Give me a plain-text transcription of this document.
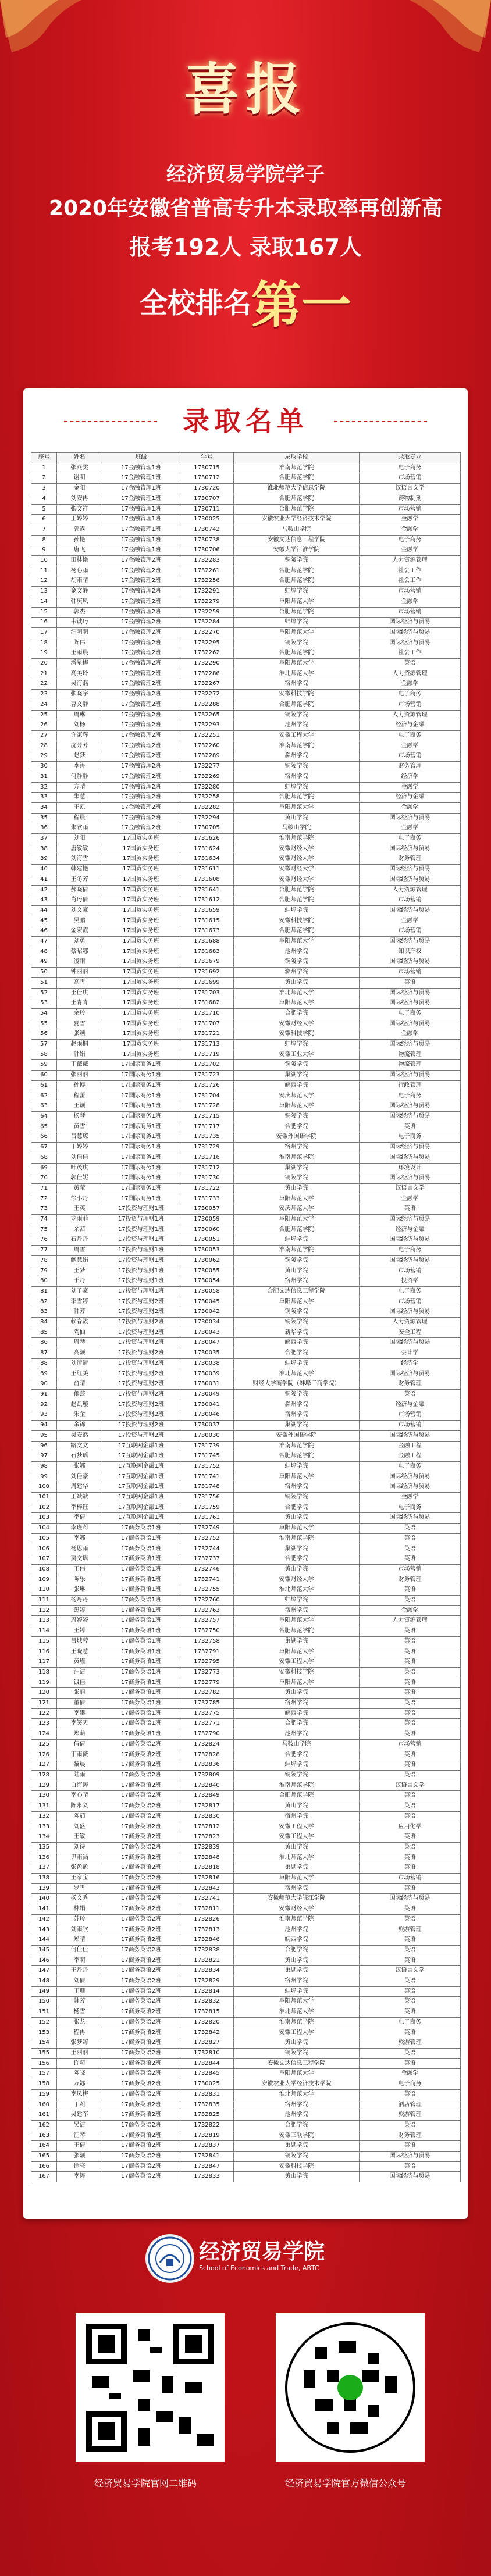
喜报
经济贸易学院学子
2020年安徽省普高专升本录取率再创新高
报考192人 录取167人
全校排名第一
录取名单
序号	姓名	班级	学号	录取学校	录取专业
1	张燕雯	17金融管理1班	1730715	淮南师范学院	电子商务
2	谢明	17金融管理1班	1730712	合肥师范学院	市场营销
3	金阳	17金融管理1班	1730720	淮北师范大学信息学院	汉语言文学
4	刘安冉	17金融管理1班	1730707	合肥师范学院	药物制剂
5	张文祥	17金融管理1班	1730711	合肥师范学院	市场营销
6	王婷婷	17金融管理1班	1730025	安徽农业大学经济技术学院	金融学
7	郭露	17金融管理1班	1730742	马鞍山学院	金融学
8	孙艳	17金融管理1班	1730738	安徽文达信息工程学院	电子商务
9	唐飞	17金融管理1班	1730706	安徽大学江淮学院	金融学
10	田林艳	17金融管理2班	1732283	铜陵学院	人力资源管理
11	杨心雨	17金融管理2班	1732261	合肥师范学院	社会工作
12	胡雨晴	17金融管理2班	1732256	合肥师范学院	社会工作
13	金文静	17金融管理2班	1732291	蚌埠学院	市场营销
14	韩庆凤	17金融管理2班	1732279	阜阳师范大学	金融学
15	郭杰	17金融管理2班	1732259	合肥师范学院	市场营销
16	韦诚巧	17金融管理2班	1732284	蚌埠学院	国际经济与贸易
17	汪明明	17金融管理2班	1732270	阜阳师范大学	国际经济与贸易
18	陈伟	17金融管理2班	1732295	铜陵学院	国际经济与贸易
19	王雨晨	17金融管理2班	1732262	合肥师范学院	社会工作
20	潘星梅	17金融管理2班	1732290	阜阳师范大学	英语
21	高美玲	17金融管理2班	1732286	淮北师范大学	人力资源管理
22	吴海燕	17金融管理2班	1732267	宿州学院	金融学
23	张晓宇	17金融管理2班	1732272	安徽科技学院	电子商务
24	曹文静	17金融管理2班	1732288	合肥师范学院	市场营销
25	周琳	17金融管理2班	1732265	铜陵学院	人力资源管理
26	刘杨	17金融管理2班	1732293	池州学院	经济与金融
27	许家辉	17金融管理2班	1732251	安徽工程大学	电子商务
28	沈芳芳	17金融管理2班	1732260	淮南师范学院	金融学
29	赵梦	17金融管理2班	1732289	滁州学院	市场营销
30	李涛	17金融管理2班	1732277	铜陵学院	财务管理
31	何静静	17金融管理2班	1732269	宿州学院	经济学
32	方晴	17金融管理2班	1732280	蚌埠学院	金融学
33	朱慧	17金融管理2班	1732258	合肥师范学院	经济与金融
34	王凯	17金融管理2班	1732282	阜阳师范大学	金融学
35	程晨	17金融管理2班	1732294	黄山学院	国际经济与贸易
36	朱欣雨	17金融管理2班	1730705	马鞍山学院	金融学
37	刘阳	17国贸实务班	1731626	淮南师范学院	电子商务
38	唐敏敏	17国贸实务班	1731624	安徽财经大学	国际经济与贸易
39	刘海雪	17国贸实务班	1731634	安徽财经大学	财务管理
40	韩建艳	17国贸实务班	1731611	安徽财经大学	国际经济与贸易
41	王冬芳	17国贸实务班	1731608	安徽财经大学	国际经济与贸易
42	郝晓倩	17国贸实务班	1731641	合肥师范学院	人力资源管理
43	肖巧倩	17国贸实务班	1731612	合肥师范学院	市场营销
44	刘文豪	17国贸实务班	1731659	蚌埠学院	国际经济与贸易
45	吴鹏	17国贸实务班	1731615	安徽科技学院	金融学
46	金宏霞	17国贸实务班	1731673	合肥师范学院	市场营销
47	刘勇	17国贸实务班	1731688	阜阳师范大学	国际经济与贸易
48	蔡昭娜	17国贸实务班	1731683	池州学院	知识产权
49	凌雨	17国贸实务班	1731679	铜陵学院	国际经济与贸易
50	钟丽丽	17国贸实务班	1731692	滁州学院	市场营销
51	高雪	17国贸实务班	1731699	黄山学院	英语
52	王佳琪	17国贸实务班	1731703	淮北师范大学	国际经济与贸易
53	王青青	17国贸实务班	1731682	阜阳师范大学	国际经济与贸易
54	余玲	17国贸实务班	1731710	合肥学院	电子商务
55	夏雪	17国贸实务班	1731707	安徽财经大学	国际经济与贸易
56	张颖	17国贸实务班	1731721	安徽科技学院	金融学
57	赵雨桐	17国贸实务班	1731713	蚌埠学院	国际经济与贸易
58	韩娟	17国贸实务班	1731719	安徽工业大学	物流管理
59	丁薇薇	17国际商务1班	1731702	铜陵学院	物流管理
60	张丽丽	17国际商务1班	1731723	巢湖学院	国际经济与贸易
61	孙博	17国际商务1班	1731726	皖西学院	行政管理
62	程蕾	17国际商务1班	1731704	安庆师范大学	电子商务
63	王颖	17国际商务1班	1731728	阜阳师范大学	国际经济与贸易
64	杨琴	17国际商务1班	1731715	铜陵学院	国际经济与贸易
65	黄雪	17国际商务1班	1731717	合肥学院	英语
66	吕慧琼	17国际商务1班	1731735	安徽外国语学院	电子商务
67	丁婷婷	17国际商务1班	1731729	宿州学院	国际经济与贸易
68	刘佳佳	17国际商务1班	1731716	淮南师范学院	国际经济与贸易
69	叶茂琪	17国际商务1班	1731712	巢湖学院	环境设计
70	郭佳妮	17国际商务1班	1731730	铜陵学院	国际经济与贸易
71	黄莹	17国际商务1班	1731722	黄山学院	汉语言文学
72	徐小丹	17国际商务1班	1731733	阜阳师范大学	金融学
73	王英	17投资与理财1班	1730057	安庆师范大学	英语
74	龙雨菲	17投资与理财1班	1730059	阜阳师范大学	国际经济与贸易
75	余茜	17投资与理财1班	1730060	合肥师范学院	经济与金融
76	石丹丹	17投资与理财1班	1730051	蚌埠学院	国际经济与贸易
77	周雪	17投资与理财1班	1730053	淮南师范学院	电子商务
78	鲍慧娟	17投资与理财1班	1730062	铜陵学院	国际经济与贸易
79	王梦	17投资与理财1班	1730055	黄山学院	市场营销
80	于丹	17投资与理财1班	1730054	宿州学院	投资学
81	刘子豪	17投资与理财1班	1730058	合肥文达信息工程学院	电子商务
82	李雪婷	17投资与理财2班	1730045	阜阳师范大学	市场营销
83	韩芳	17投资与理财2班	1730042	铜陵学院	国际经济与贸易
84	赖春霞	17投资与理财2班	1730034	铜陵学院	人力资源管理
85	陶仙	17投资与理财2班	1730043	新华学院	安全工程
86	周琴	17投资与理财2班	1730047	皖西学院	国际经济与贸易
87	高颖	17投资与理财2班	1730035	合肥学院	会计学
88	刘清清	17投资与理财2班	1730038	蚌埠学院	经济学
89	王红美	17投资与理财2班	1730039	淮北师范大学	国际经济与贸易
90	俞晴	17投资与理财2班	1730031	财经大学商学院（蚌埠工商学院）	财务管理
91	郁芸	17投资与理财2班	1730049	铜陵学院	英语
92	赵凯璇	17投资与理财2班	1730041	滁州学院	经济与金融
93	朱金	17投资与理财2班	1730046	宿州学院	市场营销
94	余锦	17投资与理财2班	1730037	巢湖学院	市场营销
95	吴安然	17投资与理财2班	1730030	安徽外国语学院	国际经济与贸易
96	路文文	17互联网金融1班	1731739	淮南师范学院	金融工程
97	石梦瑶	17互联网金融1班	1731745	合肥师范学院	金融工程
98	张娜	17互联网金融1班	1731752	蚌埠学院	电子商务
99	刘佳豪	17互联网金融1班	1731741	阜阳师范大学	国际经济与贸易
100	周建华	17互联网金融1班	1731748	宿州学院	国际经济与贸易
101	王斌斌	17互联网金融1班	1731756	铜陵学院	金融学
102	李梓钰	17互联网金融1班	1731759	合肥学院	电子商务
103	李倩	17互联网金融1班	1731761	黄山学院	国际经济与贸易
104	李瑾莉	17商务英语1班	1732749	阜阳师范大学	英语
105	李娜	17商务英语1班	1732752	淮南师范学院	英语
106	杨思雨	17商务英语1班	1732744	巢湖学院	英语
107	贾文瑶	17商务英语1班	1732737	合肥学院	英语
108	王伟	17商务英语1班	1732746	黄山学院	市场营销
109	陈乐	17商务英语1班	1732741	安徽财经大学	财务管理
110	张琳	17商务英语1班	1732755	淮北师范大学	英语
111	杨丹丹	17商务英语1班	1732760	蚌埠学院	英语
112	彭婷	17商务英语1班	1732763	宿州学院	金融学
113	周婷婷	17商务英语1班	1732757	阜阳师范大学	人力资源管理
114	王婷	17商务英语1班	1732750	合肥师范学院	英语
115	吕城蓉	17商务英语1班	1732758	巢湖学院	英语
116	王晓慧	17商务英语1班	1732791	阜阳师范大学	英语
117	黄瑾	17商务英语1班	1732795	安徽工程大学	英语
118	汪洁	17商务英语1班	1732773	安徽科技学院	英语
119	钱佳	17商务英语1班	1732779	阜阳师范大学	英语
120	张丽	17商务英语1班	1732782	黄山学院	英语
121	董倩	17商务英语1班	1732785	宿州学院	英语
122	李攀	17商务英语1班	1732775	皖西学院	英语
123	李笑天	17商务英语1班	1732771	合肥学院	英语
124	郑萌	17商务英语1班	1732790	池州学院	英语
125	倩倩	17商务英语2班	1732824	马鞍山学院	市场营销
126	丁雨薇	17商务英语2班	1732828	合肥学院	英语
127	黎晨	17商务英语2班	1732836	蚌埠学院	英语
128	陆雨	17商务英语2班	1732809	铜陵学院	英语
129	白海涛	17商务英语2班	1732840	淮南师范学院	汉语言文学
130	李心晴	17商务英语2班	1732849	合肥师范学院	英语
131	陈永义	17商务英语2班	1732817	黄山学院	英语
132	陈茹	17商务英语2班	1732830	宿州学院	英语
133	刘盛	17商务英语2班	1732812	安徽工程大学	应用化学
134	王敏	17商务英语2班	1732823	安徽工程大学	英语
135	刘诗	17商务英语2班	1732839	黄山学院	英语
136	尹雨涵	17商务英语2班	1732848	淮北师范大学	英语
137	张盈盈	17商务英语2班	1732818	巢湖学院	英语
138	王家宝	17商务英语2班	1732816	阜阳师范大学	市场营销
139	罗雪	17商务英语2班	1732843	宿州学院	英语
140	杨文秀	17商务英语2班	1732741	安徽师范大学皖江学院	国际经济与贸易
141	林娟	17商务英语2班	1732811	安徽财经大学	英语
142	苏玲	17商务英语2班	1732826	淮南师范学院	英语
143	刘雨欣	17商务英语2班	1732813	池州学院	旅游管理
144	郑晴	17商务英语2班	1732846	皖西学院	英语
145	何佳佳	17商务英语2班	1732838	合肥学院	英语
146	李明	17商务英语2班	1732821	黄山学院	英语
147	王丹丹	17商务英语2班	1732834	巢湖学院	汉语言文学
148	刘倩	17商务英语2班	1732829	宿州学院	英语
149	王珊	17商务英语2班	1732814	蚌埠学院	英语
150	韩芳	17商务英语2班	1732832	阜阳师范大学	英语
151	杨雪	17商务英语2班	1732815	淮北师范大学	英语
152	张龙	17商务英语2班	1732820	淮南师范学院	电子商务
153	程冉	17商务英语2班	1732842	安徽工程大学	英语
154	张梦婷	17商务英语2班	1732827	黄山学院	旅游管理
155	王丽丽	17商务英语2班	1732810	铜陵学院	英语
156	许莉	17商务英语2班	1732844	安徽文达信息工程学院	英语
157	陈晓	17商务英语2班	1732845	阜阳师范大学	金融学
158	万娜	17商务英语2班	1730025	安徽农业大学经济技术学院	电子商务
159	李凤梅	17商务英语2班	1732831	淮北师范大学	英语
160	丁莉	17商务英语2班	1732835	宿州学院	酒店管理
161	吴建军	17商务英语2班	1732825	池州学院	旅游管理
162	吴洁	17商务英语2班	1732822	合肥学院	英语
163	汪琴	17商务英语2班	1732819	安徽三联学院	财务管理
164	王倩	17商务英语2班	1732837	巢湖学院	英语
165	张颖	17商务英语2班	1732841	铜陵学院	国际经济与贸易
166	徐亮	17商务英语2班	1732847	安徽科技学院	英语
167	李涛	17商务英语2班	1732833	黄山学院	国际经济与贸易
经济贸易学院
School of Economics and Trade, ABTC
经济贸易学院官网二维码	经济贸易学院官方微信公众号
